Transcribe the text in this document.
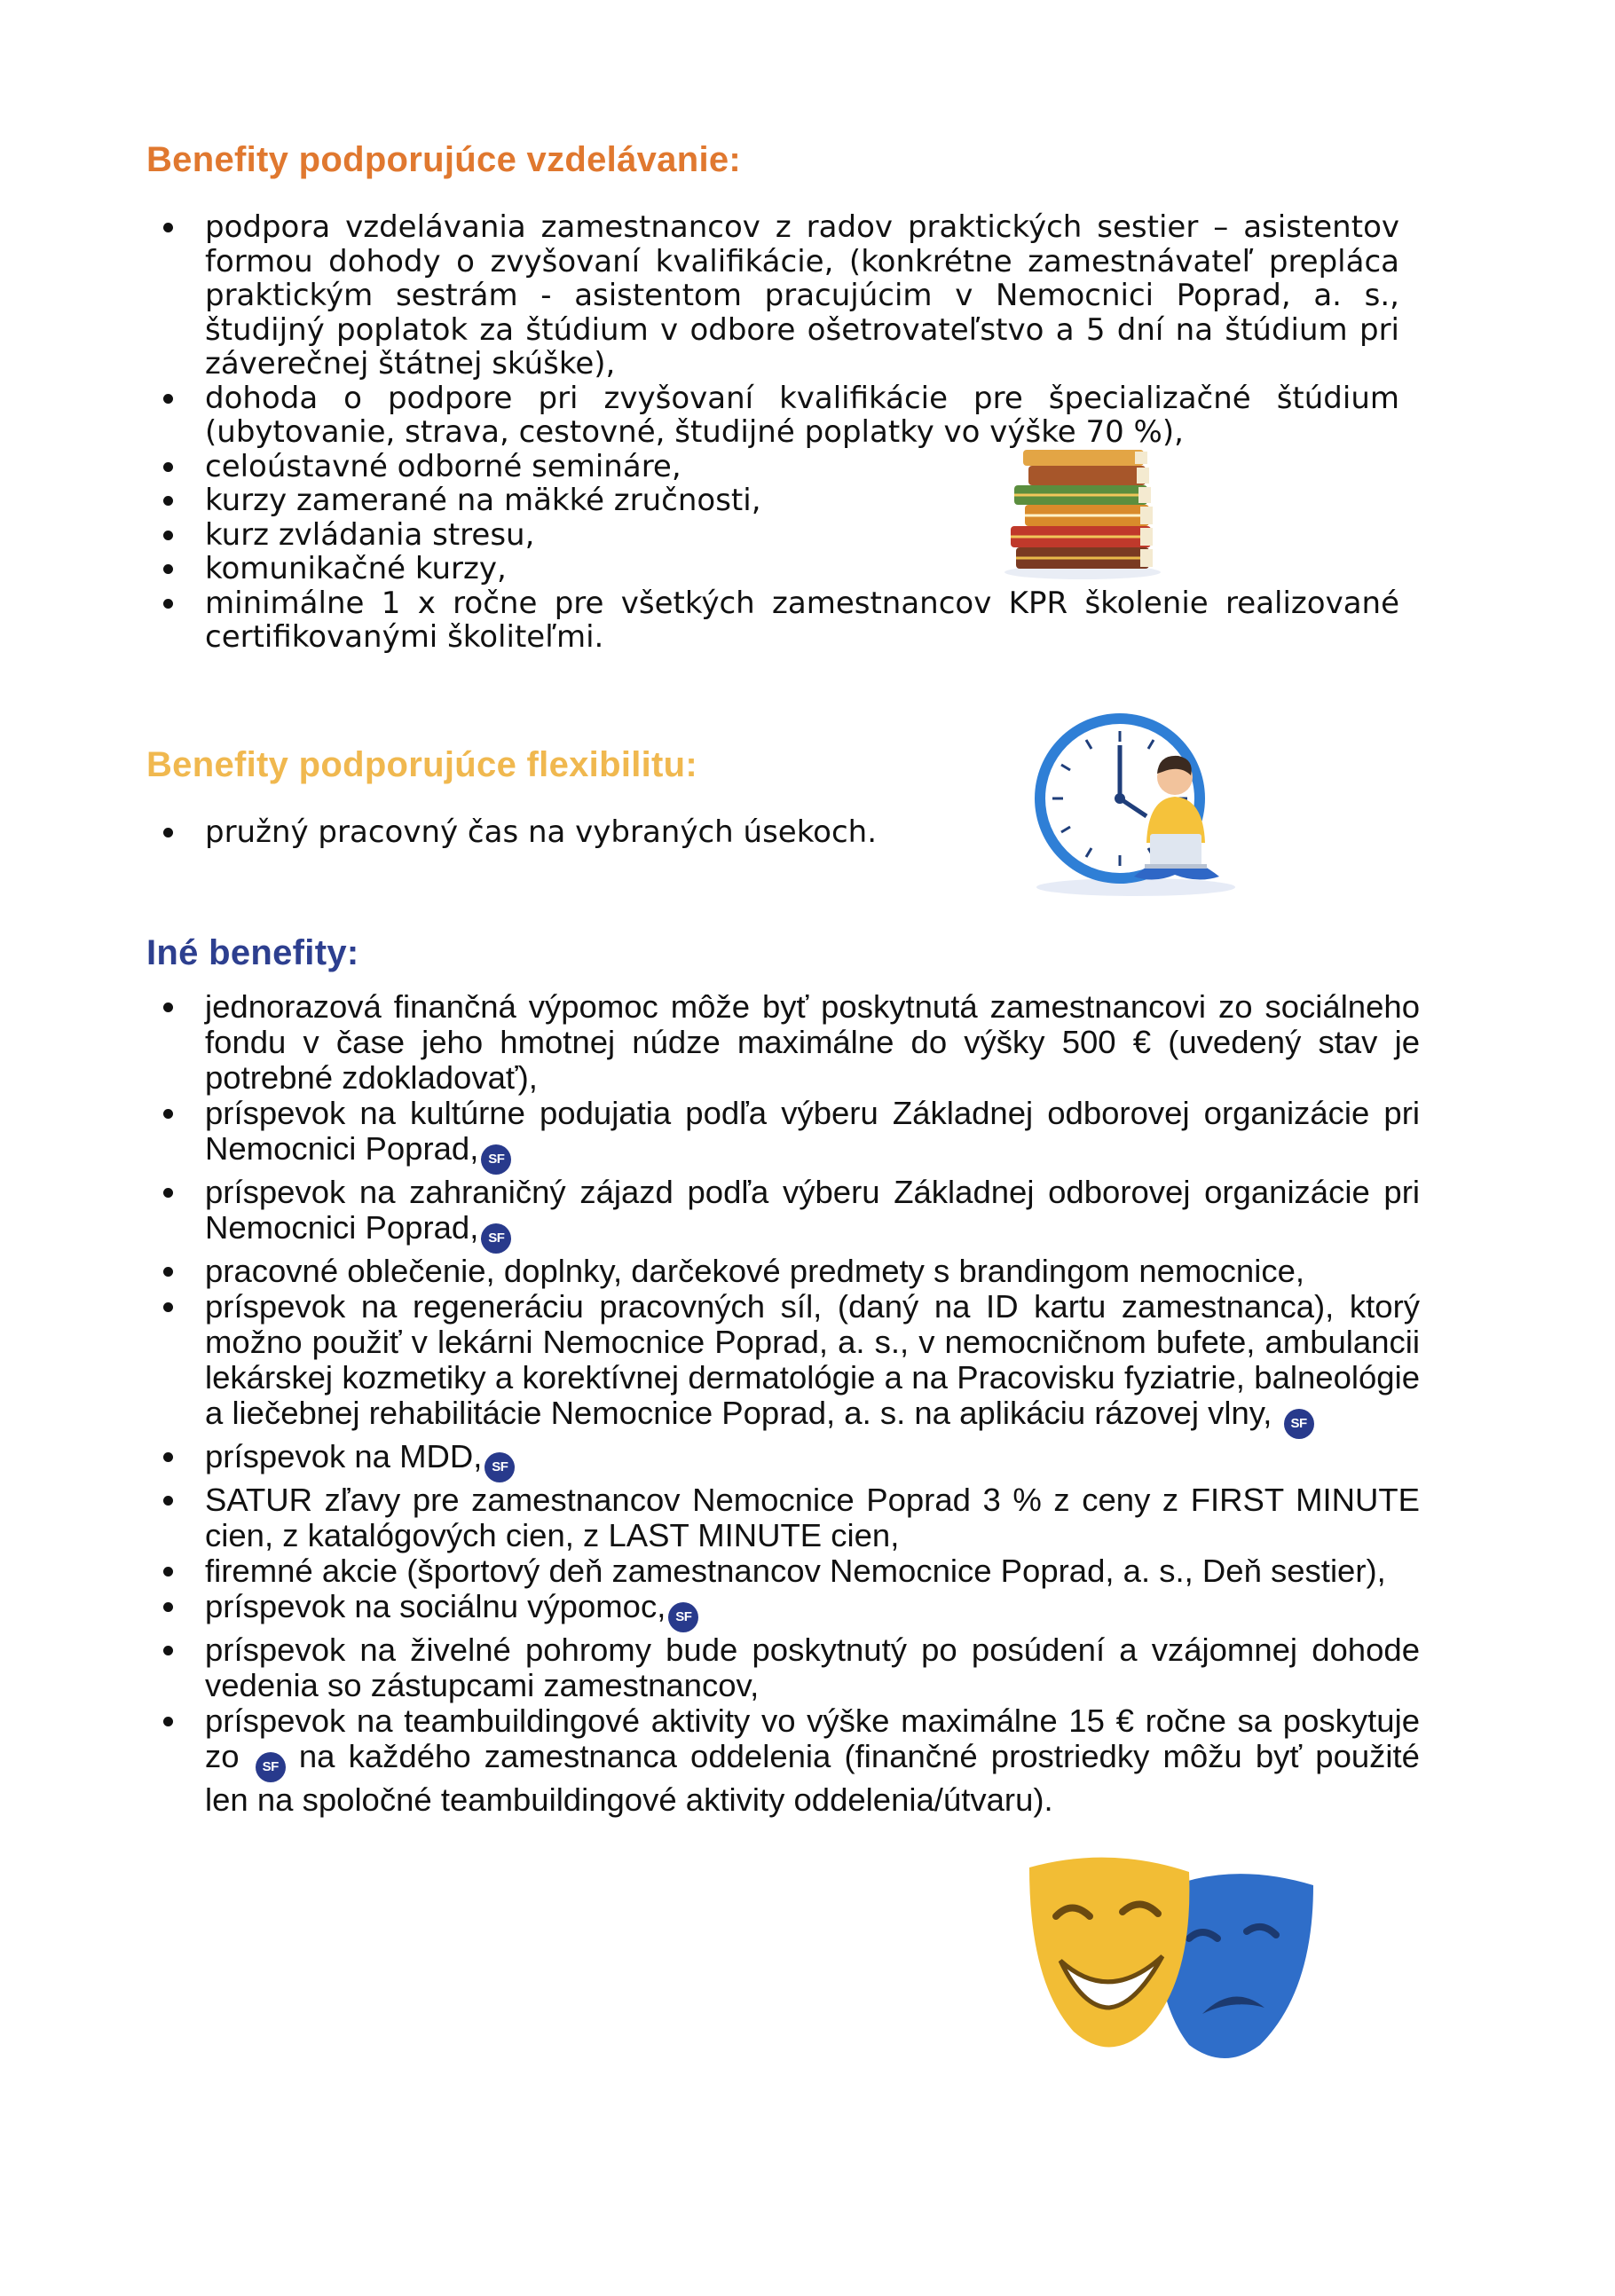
Benefity podporujúce vzdelávanie:
podpora vzdelávania zamestnancov z radov praktických sestier – asistentov formou dohody o zvyšovaní kvalifikácie, (konkrétne zamestnávateľ prepláca praktickým sestrám - asistentom pracujúcim v Nemocnici Poprad, a. s., študijný poplatok za štúdium v odbore ošetrovateľstvo a 5 dní na štúdium pri záverečnej štátnej skúške),
dohoda o podpore pri zvyšovaní kvalifikácie pre špecializačné štúdium (ubytovanie, strava, cestovné, študijné poplatky vo výške 70 %),
celoústavné odborné semináre,
kurzy zamerané na mäkké zručnosti,
kurz zvládania stresu,
komunikačné kurzy,
minimálne 1 x ročne pre všetkých zamestnancov KPR školenie realizované certifikovanými školiteľmi.
Benefity podporujúce flexibilitu:
pružný pracovný čas na vybraných úsekoch.
Iné benefity:
jednorazová finančná výpomoc môže byť poskytnutá zamestnancovi zo sociálneho fondu v čase jeho hmotnej núdze maximálne do výšky 500 € (uvedený stav je potrebné zdokladovať),
príspevok na kultúrne podujatia podľa výberu Základnej odborovej organizácie pri Nemocnici Poprad, SF
príspevok na zahraničný zájazd podľa výberu Základnej odborovej organizácie pri Nemocnici Poprad, SF
pracovné oblečenie, doplnky, darčekové predmety s brandingom nemocnice,
príspevok na regeneráciu pracovných síl, (daný na ID kartu zamestnanca), ktorý možno použiť v lekárni Nemocnice Poprad, a. s., v nemocničnom bufete, ambulancii lekárskej kozmetiky a korektívnej dermatológie a na Pracovisku fyziatrie, balneológie a liečebnej rehabilitácie Nemocnice Poprad, a. s. na aplikáciu rázovej vlny, SF
príspevok na MDD, SF
SATUR zľavy pre zamestnancov Nemocnice Poprad 3 % z ceny z FIRST MINUTE cien, z katalógových cien, z LAST MINUTE cien,
firemné akcie (športový deň zamestnancov Nemocnice Poprad, a. s., Deň sestier),
príspevok na sociálnu výpomoc, SF
príspevok na živelné pohromy bude poskytnutý po posúdení a vzájomnej dohode vedenia so zástupcami zamestnancov,
príspevok na teambuildingové aktivity vo výške maximálne 15 € ročne sa poskytuje zo SF na každého zamestnanca oddelenia (finančné prostriedky môžu byť použité len na spoločné teambuildingové aktivity oddelenia/útvaru).
